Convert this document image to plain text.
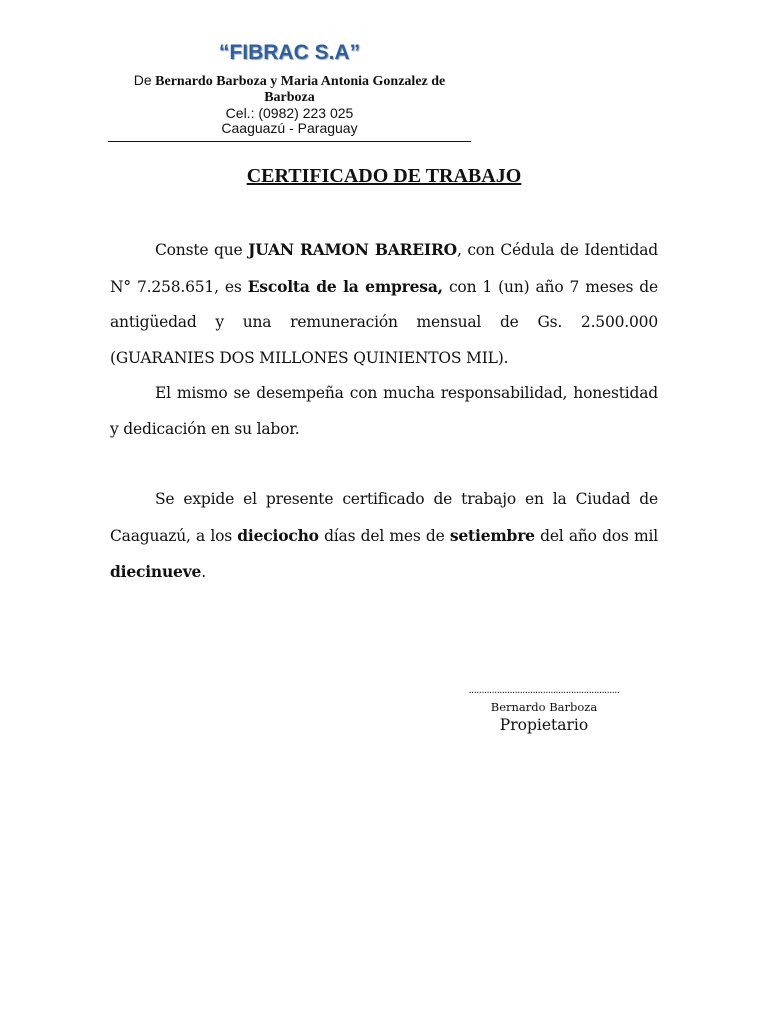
“FIBRAC S.A”
De Bernardo Barboza y Maria Antonia Gonzalez de Barboza
Cel.: (0982) 223 025
Caaguazú - Paraguay
CERTIFICADO DE TRABAJO

Conste que JUAN RAMON BAREIRO, con Cédula de Identidad N° 7.258.651, es Escolta de la empresa, con 1 (un) año 7 meses de antigüedad y una remuneración mensual de Gs. 2.500.000 (GUARANIES DOS MILLONES QUINIENTOS MIL).

El mismo se desempeña con mucha responsabilidad, honestidad y dedicación en su labor.

Se expide el presente certificado de trabajo en la Ciudad de Caaguazú, a los dieciocho días del mes de setiembre del año dos mil diecinueve.

...........................................................
Bernardo Barboza
Propietario
